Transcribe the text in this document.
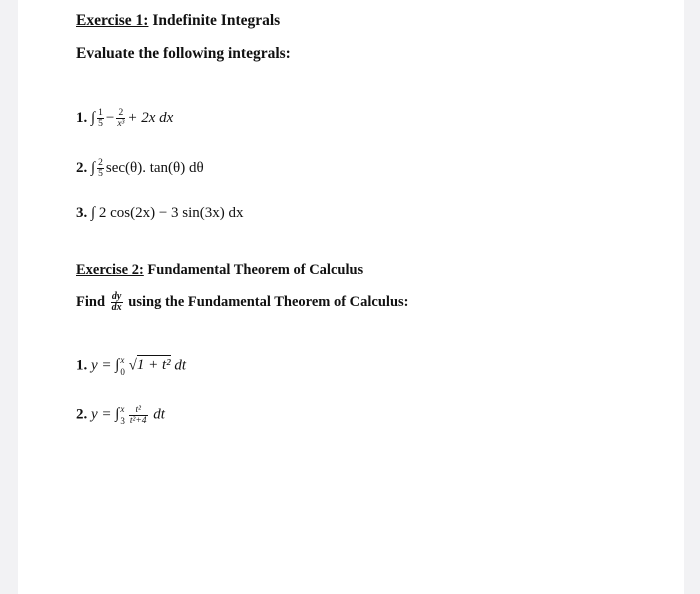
Exercise 1: Indefinite Integrals
Evaluate the following integrals:
1. ∫ $\frac{1}{5} - \frac{2}{\text{x³}} + 2x$ dx
2. ∫ $\frac{2}{5} \sec(\theta)$. tan(θ) dθ
3. ∫ 2 cos(2x) − 3 sin(3x) dx
Exercise 2: Fundamental Theorem of Calculus
Find $\frac{dy}{dx}$ using the Fundamental Theorem of Calculus:
1. y = ∫ x
0 √1 + t² dt
2. y = ∫ x
$3 \frac{\text{t²}}{\text{t²+4}}$ dt
